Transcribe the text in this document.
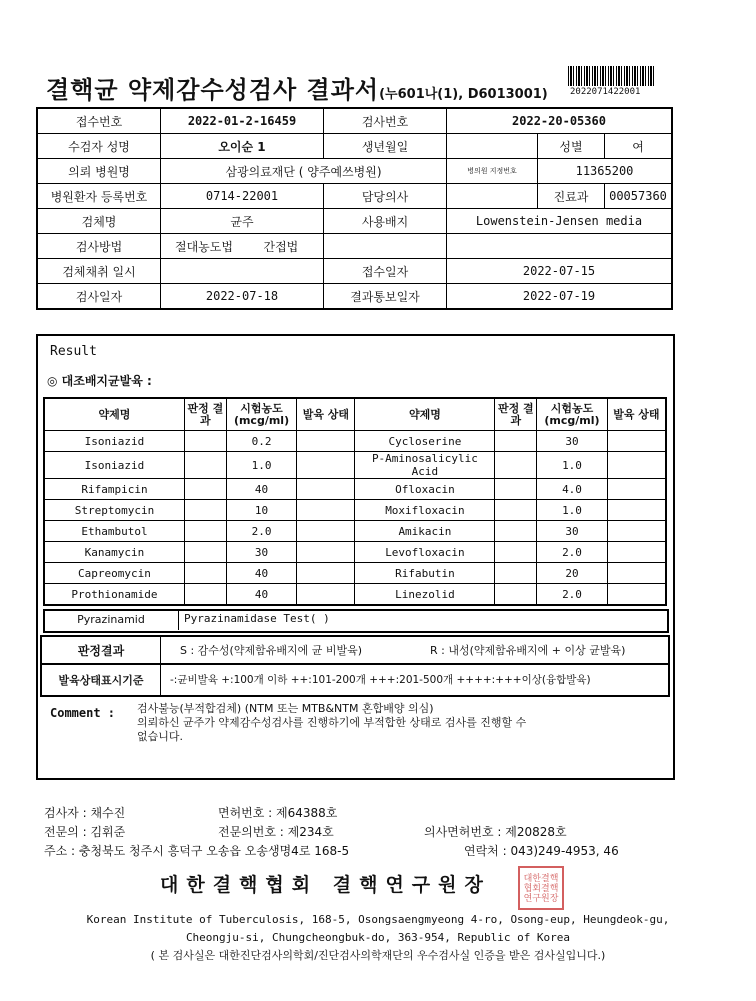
결핵균 약제감수성검사 결과서(누601나(1), D6013001) 2022071422001
접수번호	2022-01-2-16459	검사번호	2022-20-05360		
수검자 성명	오이순 1	생년월일		성별	여
의뢰 병원명	삼광의료재단 ( 양주예쓰병원)		병의원 지정번호	11365200	
병원환자 등록번호	0714-22001	담당의사		진료과	00057360
검체명	균주	사용배지	Lowenstein-Jensen media		
검사방법	절대농도법 간접법				
검체채취 일시		접수일자	2022-07-15		
검사일자	2022-07-18	결과통보일자	2022-07-19		
Result
◎ 대조배지균발육 :
약제명	판정 결과	시험농도 (mcg/ml)	발육 상태	약제명	판정 결과	시험농도 (mcg/ml)	발육 상태
Isoniazid		0.2		Cycloserine		30	
Isoniazid		1.0		P-Aminosalicylic Acid		1.0	
Rifampicin		40		Ofloxacin		4.0	
Streptomycin		10		Moxifloxacin		1.0	
Ethambutol		2.0		Amikacin		30	
Kanamycin		30		Levofloxacin		2.0	
Capreomycin		40		Rifabutin		20	
Prothionamide		40		Linezolid		2.0	
Pyrazinamid	Pyrazinamidase Test( )
판정결과	S : 감수성(약제함유배지에 균 비발육)	R : 내성(약제함유배지에 + 이상 균발육)
발육상태표시기준	-:균비발육 +:100개 이하 ++:101-200개 +++:201-500개 ++++:+++이상(융합발육)
Comment : 검사불능(부적합검체) (NTM 또는 MTB&NTM 혼합배양 의심)
의뢰하신 균주가 약제감수성검사를 진행하기에 부적합한 상태로 검사를 진행할 수
없습니다.
검사자 : 채수진	면허번호 : 제64388호
전문의 : 김휘준	전문의번호 : 제234호	의사면허번호 : 제20828호
주소 : 충청북도 청주시 흥덕구 오송읍 오송생명4로 168-5	연락처 : 043)249-4953, 46
대한결핵협회 결핵연구원장	대한결핵협회결핵연구원장
Korean Institute of Tuberculosis, 168-5, Osongsaengmyeong 4-ro, Osong-eup, Heungdeok-gu,
Cheongju-si, Chungcheongbuk-do, 363-954, Republic of Korea
( 본 검사실은 대한진단검사의학회/진단검사의학재단의 우수검사실 인증을 받은 검사실입니다.)
